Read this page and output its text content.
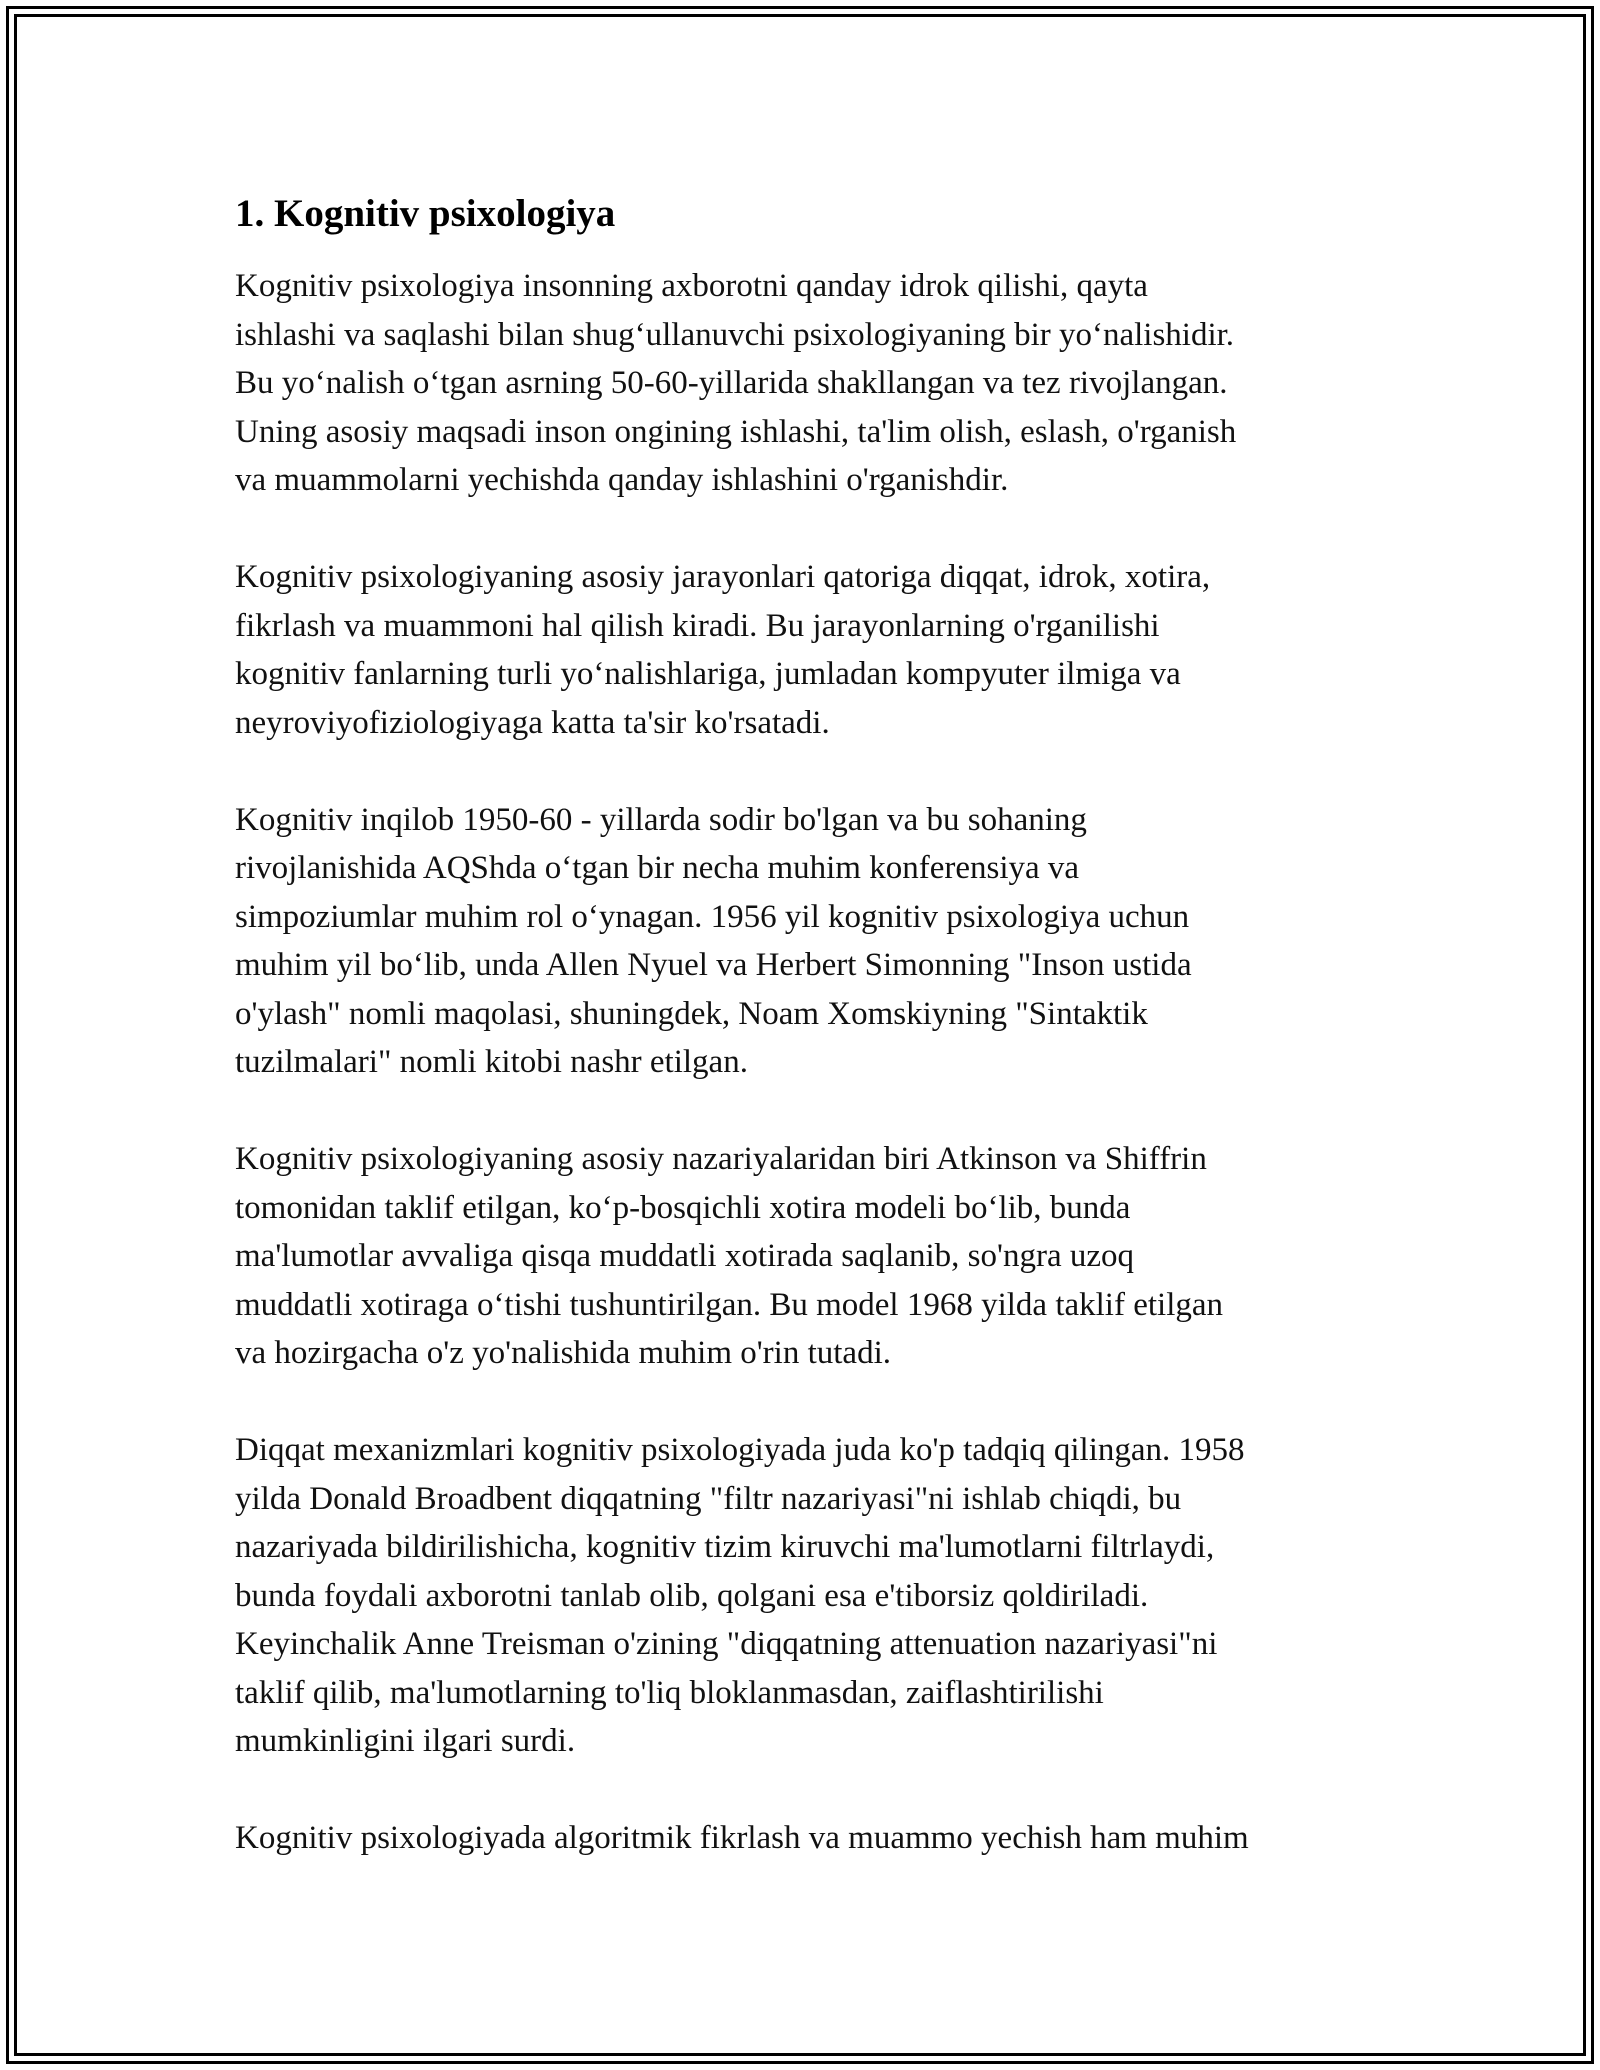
1. Kognitiv psixologiya

Kognitiv psixologiya insonning axborotni qanday idrok qilishi, qayta
ishlashi va saqlashi bilan shug‘ullanuvchi psixologiyaning bir yo‘nalishidir.
Bu yo‘nalish o‘tgan asrning 50-60-yillarida shakllangan va tez rivojlangan.
Uning asosiy maqsadi inson ongining ishlashi, ta'lim olish, eslash, o'rganish
va muammolarni yechishda qanday ishlashini o'rganishdir.

Kognitiv psixologiyaning asosiy jarayonlari qatoriga diqqat, idrok, xotira,
fikrlash va muammoni hal qilish kiradi. Bu jarayonlarning o'rganilishi
kognitiv fanlarning turli yo‘nalishlariga, jumladan kompyuter ilmiga va
neyroviyofiziologiyaga katta ta'sir ko'rsatadi.

Kognitiv inqilob 1950-60 - yillarda sodir bo'lgan va bu sohaning
rivojlanishida AQShda o‘tgan bir necha muhim konferensiya va
simpoziumlar muhim rol o‘ynagan. 1956 yil kognitiv psixologiya uchun
muhim yil bo‘lib, unda Allen Nyuel va Herbert Simonning "Inson ustida
o'ylash" nomli maqolasi, shuningdek, Noam Xomskiyning "Sintaktik
tuzilmalari" nomli kitobi nashr etilgan.

Kognitiv psixologiyaning asosiy nazariyalaridan biri Atkinson va Shiffrin
tomonidan taklif etilgan, ko‘p-bosqichli xotira modeli bo‘lib, bunda
ma'lumotlar avvaliga qisqa muddatli xotirada saqlanib, so'ngra uzoq
muddatli xotiraga o‘tishi tushuntirilgan. Bu model 1968 yilda taklif etilgan
va hozirgacha o'z yo'nalishida muhim o'rin tutadi.

Diqqat mexanizmlari kognitiv psixologiyada juda ko'p tadqiq qilingan. 1958
yilda Donald Broadbent diqqatning "filtr nazariyasi"ni ishlab chiqdi, bu
nazariyada bildirilishicha, kognitiv tizim kiruvchi ma'lumotlarni filtrlaydi,
bunda foydali axborotni tanlab olib, qolgani esa e'tiborsiz qoldiriladi.
Keyinchalik Anne Treisman o'zining "diqqatning attenuation nazariyasi"ni
taklif qilib, ma'lumotlarning to'liq bloklanmasdan, zaiflashtirilishi
mumkinligini ilgari surdi.

Kognitiv psixologiyada algoritmik fikrlash va muammo yechish ham muhim
